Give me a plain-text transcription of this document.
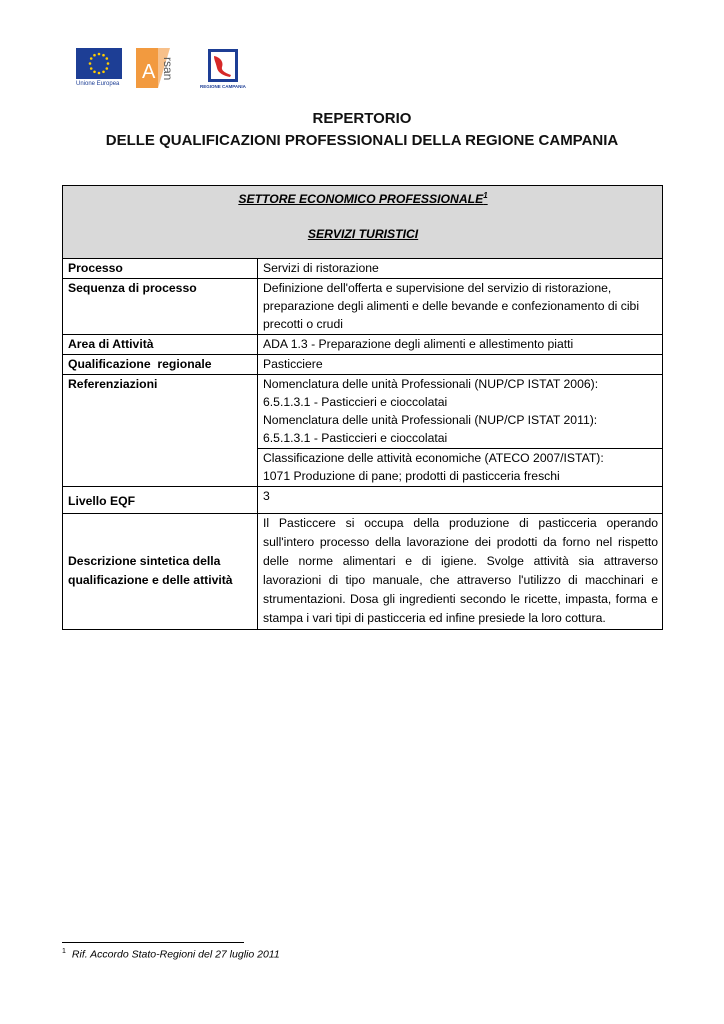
Unione Europea
A rsan
REGIONE CAMPANIA
REPERTORIO
DELLE QUALIFICAZIONI PROFESSIONALI DELLA REGIONE CAMPANIA
SETTORE ECONOMICO PROFESSIONALE$^1$
SERVIZI TURISTICI	

Processo	Servizi di ristorazione
Sequenza di processo	Definizione dell'offerta e supervisione del servizio di ristorazione, preparazione degli alimenti e delle bevande e confezionamento di cibi precotti o crudi
Area di Attività	ADA 1.3 - Preparazione degli alimenti e allestimento piatti
Qualificazione  regionale	Pasticciere
Referenziazioni	Nomenclatura delle unità Professionali (NUP/CP ISTAT 2006):
6.5.1.3.1 - Pasticcieri e cioccolatai
Nomenclatura delle unità Professionali (NUP/CP ISTAT 2011):
6.5.1.3.1 - Pasticcieri e cioccolatai

	Classificazione delle attività economiche (ATECO 2007/ISTAT):
1071 Produzione di pane; prodotti di pasticceria freschi

Livello EQF	3
Descrizione sintetica della qualificazione e delle attività	Il Pasticcere si occupa della produzione di pasticceria operando sull'intero processo della lavorazione dei prodotti da forno nel rispetto delle norme alimentari e di igiene. Svolge attività sia attraverso lavorazioni di tipo manuale, che attraverso l'utilizzo di macchinari e strumentazioni. Dosa gli ingredienti secondo le ricette, impasta, forma e stampa i vari tipi di pasticceria ed infine presiede la loro cottura.
$^1$ Rif. Accordo Stato-Regioni del 27 luglio 2011
